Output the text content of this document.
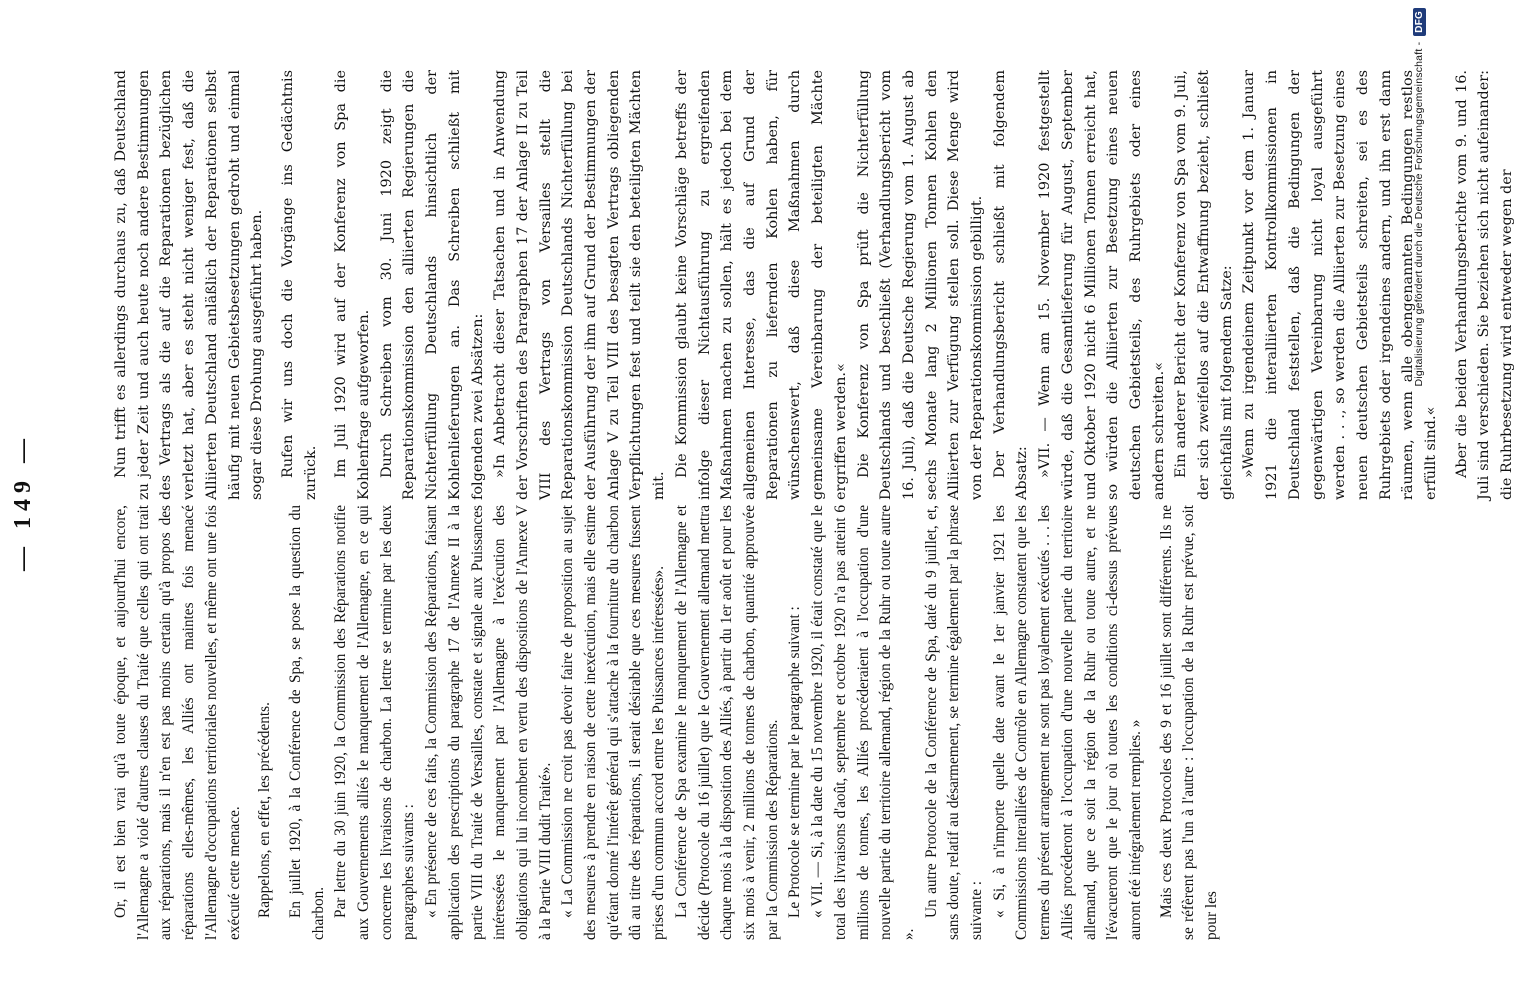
— 149 —

Or, il est bien vrai qu'à toute époque, et aujourd'hui encore, l'Allemagne a violé d'autres clauses du Traité que celles qui ont trait aux réparations, mais il n'en est pas moins certain qu'à propos des réparations elles-mêmes, les Alliés ont maintes fois menacé l'Allemagne d'occupations territoriales nouvelles, et même ont une fois exécuté cette menace. Rappelons, en effet, les précédents. En juillet 1920, à la Conférence de Spa, se pose la question du charbon. Par lettre du 30 juin 1920, la Commission des Réparations notifie aux Gouvernements alliés le manquement de l'Allemagne, en ce qui concerne les livraisons de charbon. La lettre se termine par les deux paragraphes suivants : « En présence de ces faits, la Commission des Réparations, faisant application des prescriptions du paragraphe 17 de l'Annexe II à la partie VIII du Traité de Versailles, constate et signale aux Puissances intéressées le manquement par l'Allemagne à l'exécution des obligations qui lui incombent en vertu des dispositions de l'Annexe V à la Partie VIII dudit Traité». « La Commission ne croit pas devoir faire de proposition au sujet des mesures à prendre en raison de cette inexécution, mais elle estime qu'étant donné l'intérêt général qui s'attache à la fourniture du charbon dû au titre des réparations, il serait désirable que ces mesures fussent prises d'un commun accord entre les Puissances intéressées». La Conférence de Spa examine le manquement de l'Allemagne et décide (Protocole du 16 juillet) que le Gouvernement allemand mettra chaque mois à la disposition des Alliés, à partir du 1er août et pour les six mois à venir, 2 millions de tonnes de charbon, quantité approuvée par la Commission des Réparations. Le Protocole se termine par le paragraphe suivant : « VII. — Si, à la date du 15 novembre 1920, il était constaté que le total des livraisons d'août, septembre et octobre 1920 n'a pas atteint 6 millions de tonnes, les Alliés procéderaient à l'occupation d'une nouvelle partie du territoire allemand, région de la Ruhr ou toute autre ».

Un autre Protocole de la Conférence de Spa, daté du 9 juillet, et, sans doute, relatif au désarmement, se termine également par la phrase suivante : « Si, à n'importe quelle date avant le 1er janvier 1921 les Commissions interalliées de Contrôle en Allemagne constatent que les termes du présent arrangement ne sont pas loyalement exécutés . . . les Alliés procéderont à l'occupation d'une nouvelle partie du territoire allemand, que ce soit la région de la Ruhr ou toute autre, et ne l'évacueront que le jour où toutes les conditions ci-dessus prévues auront été intégralement remplies. » Mais ces deux Protocoles des 9 et 16 juillet sont différents. Ils ne se réfèrent pas l'un à l'autre : l'occupation de la Ruhr est prévue, soit pour les

Nun trifft es allerdings durchaus zu, daß Deutschland zu jeder Zeit und auch heute noch andere Bestimmungen des Vertrags als die auf die Reparationen bezüglichen verletzt hat, aber es steht nicht weniger fest, daß die Alliierten Deutschland anläßlich der Reparationen selbst häufig mit neuen Gebietsbesetzungen gedroht und einmal sogar diese Drohung ausgeführt haben. Rufen wir uns doch die Vorgänge ins Gedächtnis zurück. Im Juli 1920 wird auf der Konferenz von Spa die Kohlenfrage aufgeworfen. Durch Schreiben vom 30. Juni 1920 zeigt die Reparationskommission den alliierten Regierungen die Nichterfüllung Deutschlands hinsichtlich der Kohlenlieferungen an. Das Schreiben schließt mit folgenden zwei Absätzen: »In Anbetracht dieser Tatsachen und in Anwendung der Vorschriften des Paragraphen 17 der Anlage II zu Teil VIII des Vertrags von Versailles stellt die Reparationskommission Deutschlands Nichterfüllung bei der Ausführung der ihm auf Grund der Bestimmungen der Anlage V zu Teil VIII des besagten Vertrags obliegenden Verpflichtungen fest und teilt sie den beteiligten Mächten mit.

Die Kommission glaubt keine Vorschläge betreffs der infolge dieser Nichtausführung zu ergreifenden Maßnahmen machen zu sollen, hält es jedoch bei dem allgemeinen Interesse, das die auf Grund der Reparationen zu liefernden Kohlen haben, für wünschenswert, daß diese Maßnahmen durch gemeinsame Vereinbarung der beteiligten Mächte ergriffen werden.« Die Konferenz von Spa prüft die Nichterfüllung Deutschlands und beschließt (Verhandlungsbericht vom 16. Juli), daß die Deutsche Regierung vom 1. August ab sechs Monate lang 2 Millionen Tonnen Kohlen den Alliierten zur Verfügung stellen soll. Diese Menge wird von der Reparationskommission gebilligt. Der Verhandlungsbericht schließt mit folgendem Absatz: »VII. — Wenn am 15. November 1920 festgestellt würde, daß die Gesamtlieferung für August, September und Oktober 1920 nicht 6 Millionen Tonnen erreicht hat, so würden die Alliierten zur Besetzung eines neuen deutschen Gebietsteils, des Ruhrgebiets oder eines andern schreiten.« Ein anderer Bericht der Konferenz von Spa vom 9. Juli, der sich zweifellos auf die Entwaffnung bezieht, schließt gleichfalls mit folgendem Satze: »Wenn zu irgendeinem Zeitpunkt vor dem 1. Januar 1921 die interalliierten Kontrollkommissionen in Deutschland feststellen, daß die Bedingungen der gegenwärtigen Vereinbarung nicht loyal ausgeführt werden . . ., so werden die Alliierten zur Besetzung eines neuen deutschen Gebietsteils schreiten, sei es des Ruhrgebiets oder irgendeines andern, und ihn erst dann räumen, wenn alle obengenannten Bedingungen restlos erfüllt sind.« Aber die beiden Verhandlungsberichte vom 9. und 16. Juli sind verschieden. Sie beziehen sich nicht aufeinander: die Ruhrbesetzung wird entweder wegen der

Digitalisierung gefördert durch die Deutsche Forschungsgemeinschaft -DFG
